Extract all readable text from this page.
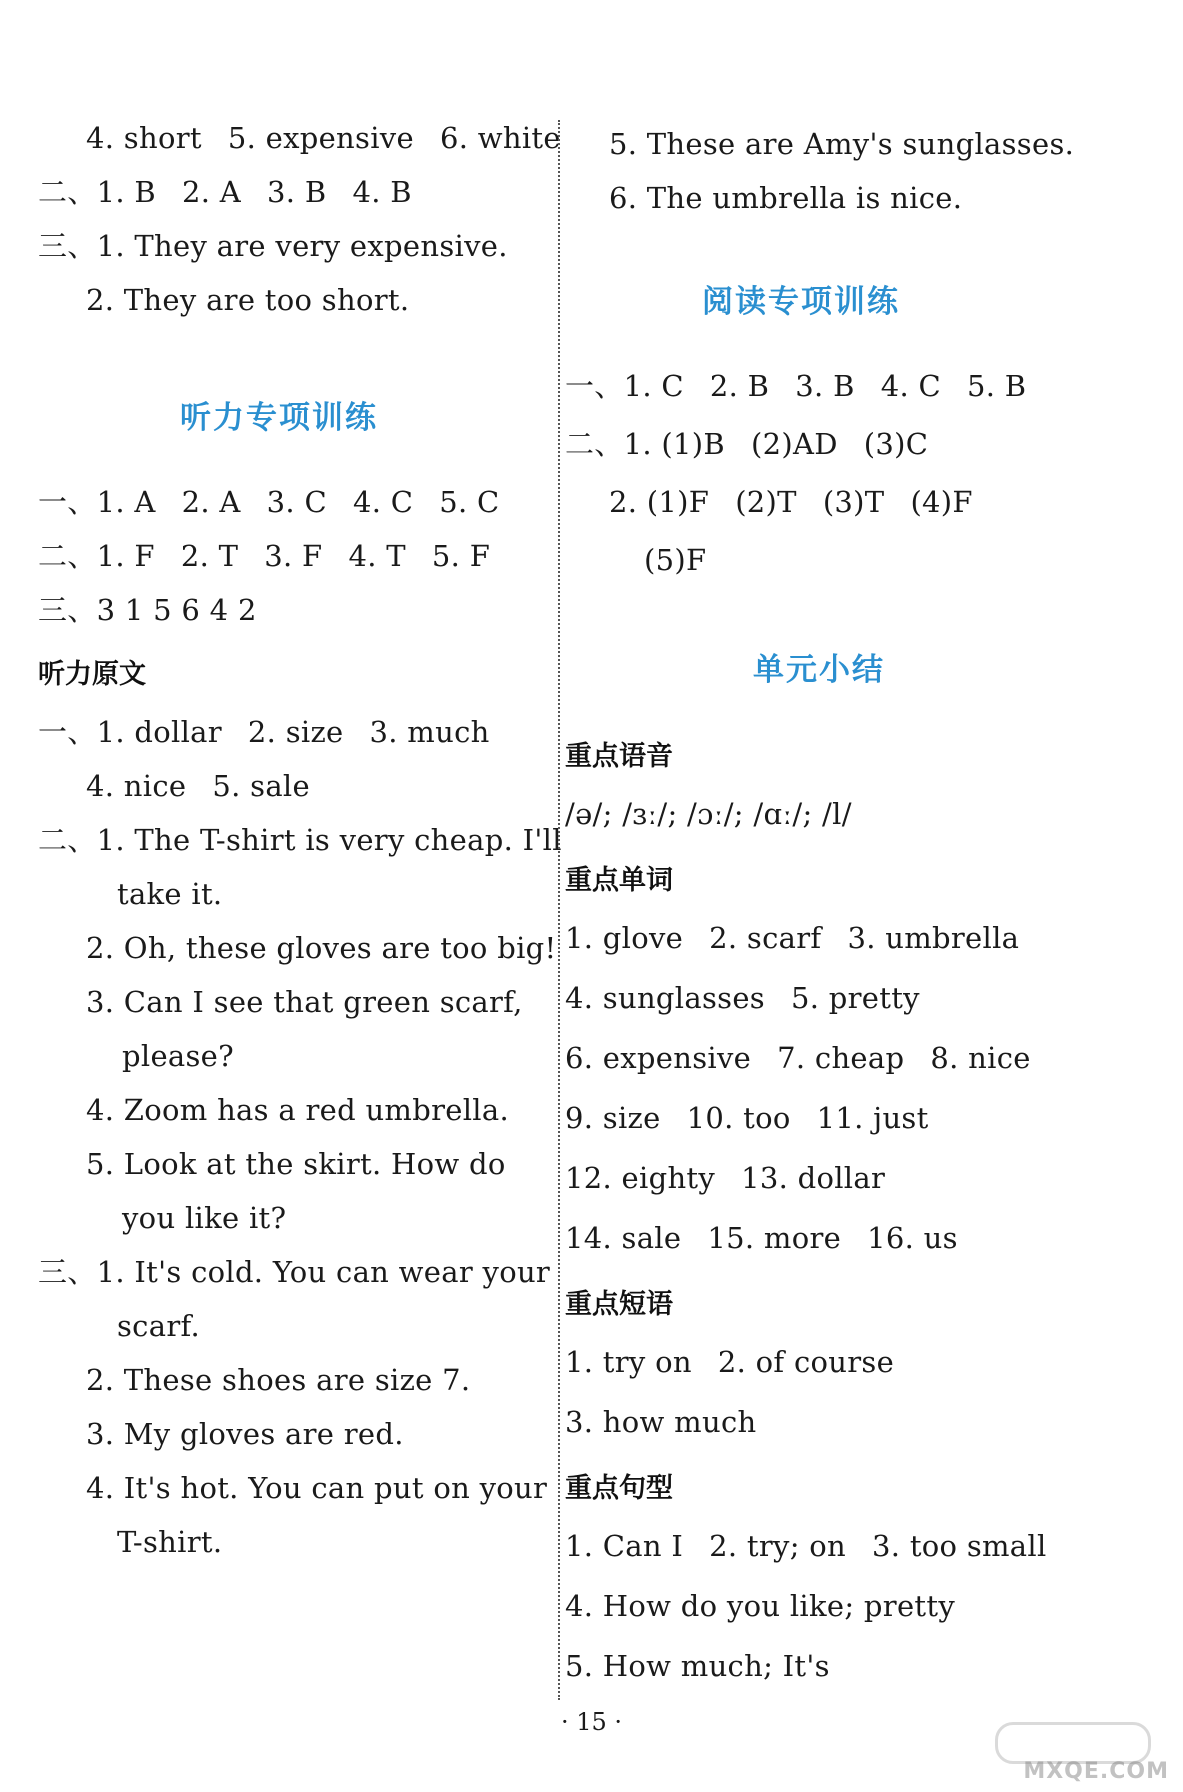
4. short 5. expensive 6. white
二、1. B 2. A 3. B 4. B
三、1. They are very expensive.
2. They are too short.
听力专项训练
一、1. A 2. A 3. C 4. C 5. C
二、1. F 2. T 3. F 4. T 5. F
三、3 1 5 6 4 2
听力原文
一、1. dollar 2. size 3. much
4. nice 5. sale
二、1. The T-shirt is very cheap. I'll
take it.
2. Oh, these gloves are too big!
3. Can I see that green scarf,
please?
4. Zoom has a red umbrella.
5. Look at the skirt. How do
you like it?
三、1. It's cold. You can wear your
scarf.
2. These shoes are size 7.
3. My gloves are red.
4. It's hot. You can put on your
T-shirt.
5. These are Amy's sunglasses.
6. The umbrella is nice.
阅读专项训练
一、1. C 2. B 3. B 4. C 5. B
二、1. (1)B (2)AD (3)C
2. (1)F (2)T (3)T (4)F
(5)F
单元小结
重点语音
/ə/; /ɜː/; /ɔː/; /ɑː/; /l/
重点单词
1. glove 2. scarf 3. umbrella
4. sunglasses 5. pretty
6. expensive 7. cheap 8. nice
9. size 10. too 11. just
12. eighty 13. dollar
14. sale 15. more 16. us
重点短语
1. try on 2. of course
3. how much
重点句型
1. Can I 2. try; on 3. too small
4. How do you like; pretty
5. How much; It's
· 15 ·
MXQE.COM
